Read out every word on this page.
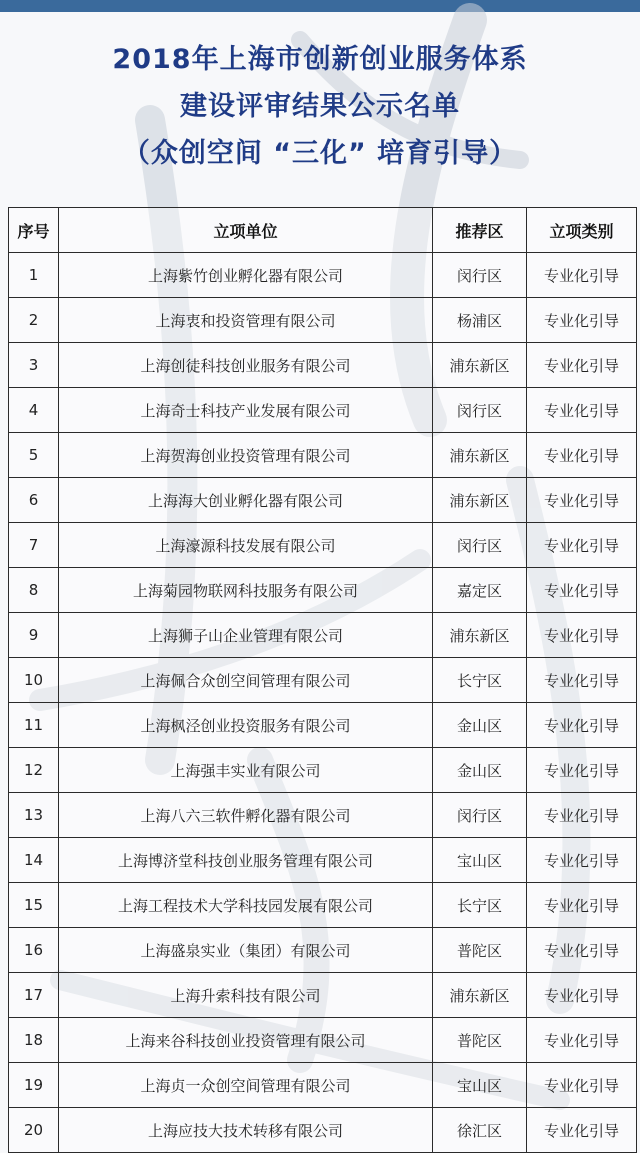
2018年上海市创新创业服务体系
建设评审结果公示名单
（众创空间 “三化” 培育引导）
序号	立项单位	推荐区	立项类别
1	上海紫竹创业孵化器有限公司	闵行区	专业化引导
2	上海衷和投资管理有限公司	杨浦区	专业化引导
3	上海创徒科技创业服务有限公司	浦东新区	专业化引导
4	上海奇士科技产业发展有限公司	闵行区	专业化引导
5	上海贺海创业投资管理有限公司	浦东新区	专业化引导
6	上海海大创业孵化器有限公司	浦东新区	专业化引导
7	上海濠源科技发展有限公司	闵行区	专业化引导
8	上海菊园物联网科技服务有限公司	嘉定区	专业化引导
9	上海狮子山企业管理有限公司	浦东新区	专业化引导
10	上海佩合众创空间管理有限公司	长宁区	专业化引导
11	上海枫泾创业投资服务有限公司	金山区	专业化引导
12	上海强丰实业有限公司	金山区	专业化引导
13	上海八六三软件孵化器有限公司	闵行区	专业化引导
14	上海博济堂科技创业服务管理有限公司	宝山区	专业化引导
15	上海工程技术大学科技园发展有限公司	长宁区	专业化引导
16	上海盛泉实业（集团）有限公司	普陀区	专业化引导
17	上海升索科技有限公司	浦东新区	专业化引导
18	上海来谷科技创业投资管理有限公司	普陀区	专业化引导
19	上海贞一众创空间管理有限公司	宝山区	专业化引导
20	上海应技大技术转移有限公司	徐汇区	专业化引导
